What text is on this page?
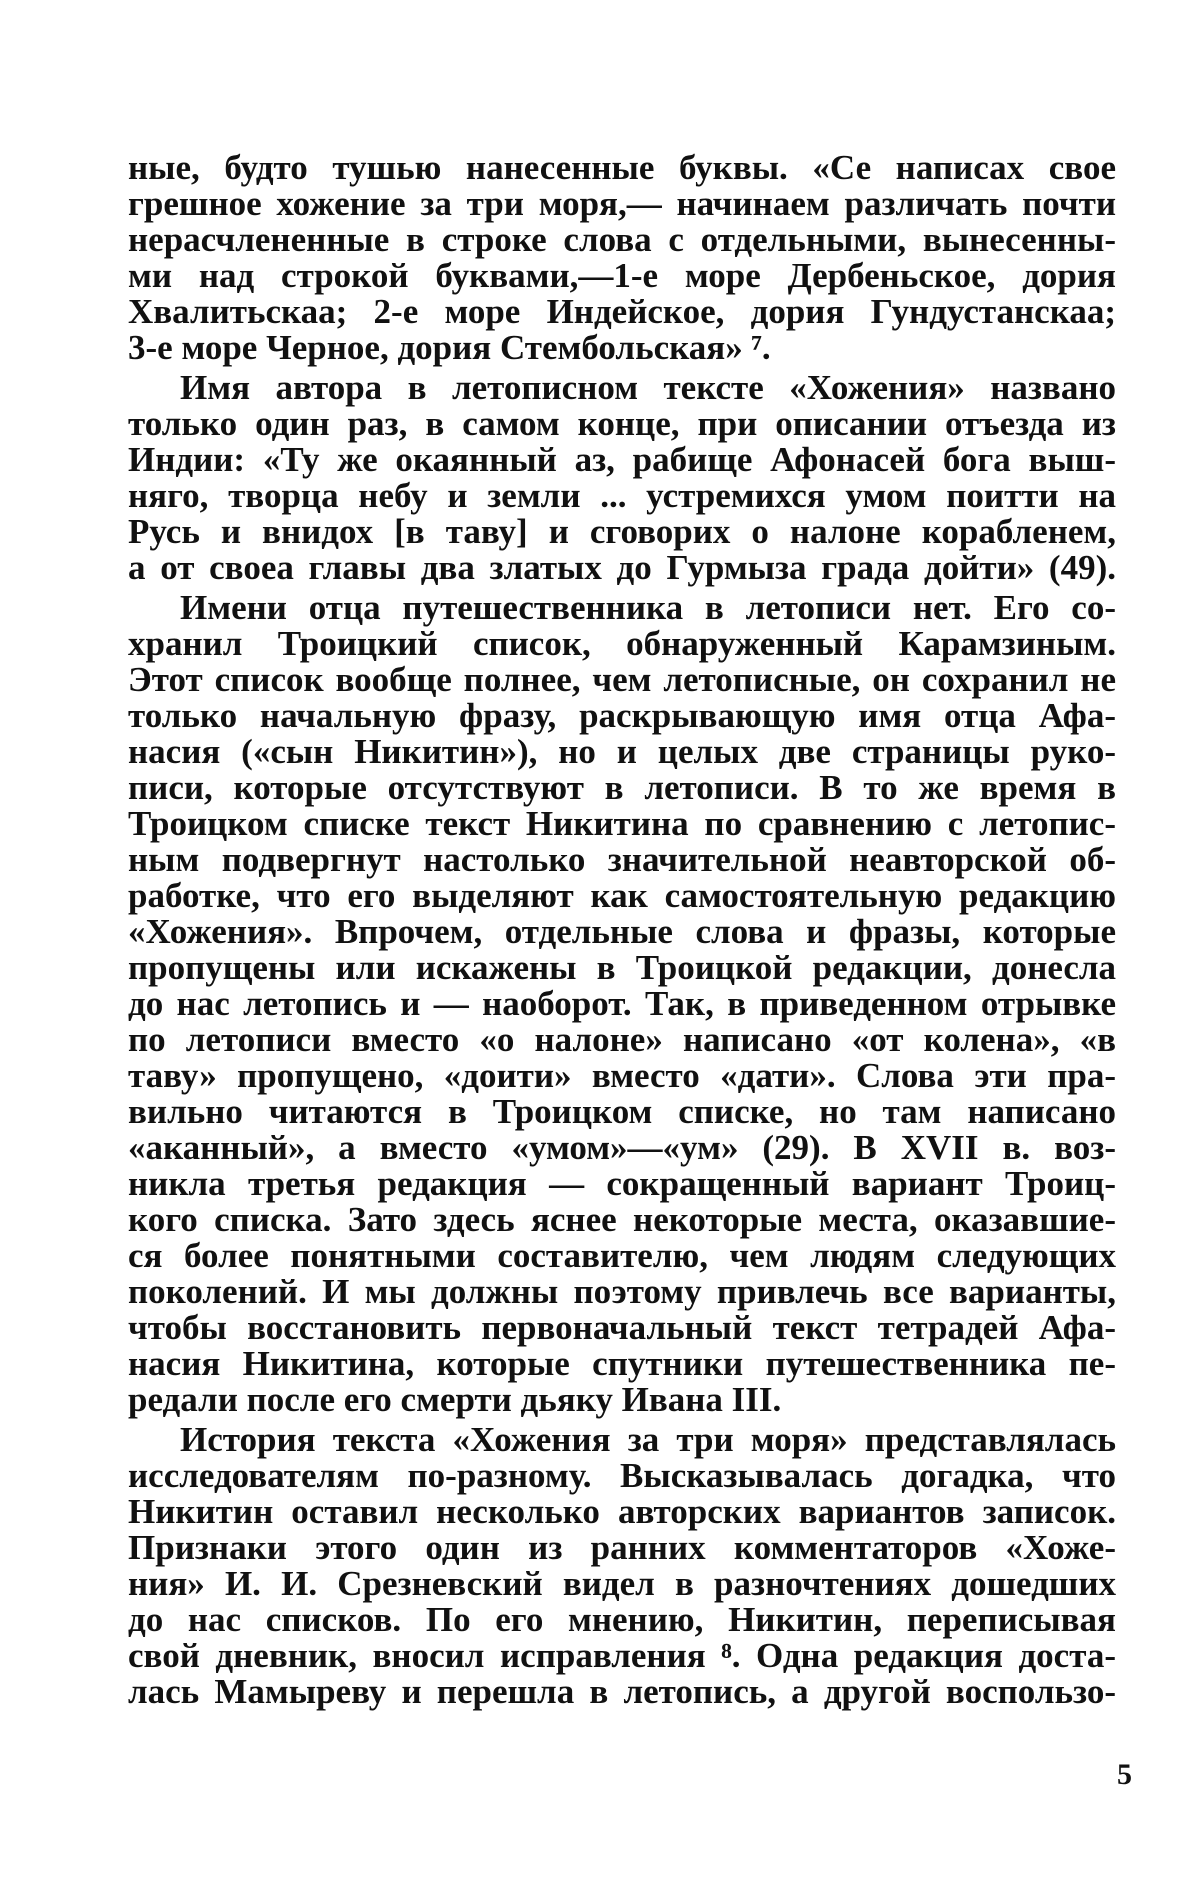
ные, будто тушью нанесенные буквы. «Се написах свое
грешное хожение за три моря,— начинаем различать почти
нерасчлененные в строке слова с отдельными, вынесенны-
ми над строкой буквами,—1-е море Дербеньское, дория
Хвалитьскаа; 2-е море Индейское, дория Гундустанскаа;
3-е море Черное, дория Стембольская» ⁷.
Имя автора в летописном тексте «Хожения» названо
только один раз, в самом конце, при описании отъезда из
Индии: «Ту же окаянный аз, рабище Афонасей бога выш-
няго, творца небу и земли ... устремихся умом поитти на
Русь и внидох [в таву] и сговорих о налоне корабленем,
а от своеа главы два златых до Гурмыза града дойти» (49).
Имени отца путешественника в летописи нет. Его со-
хранил Троицкий список, обнаруженный Карамзиным.
Этот список вообще полнее, чем летописные, он сохранил не
только начальную фразу, раскрывающую имя отца Афа-
насия («сын Никитин»), но и целых две страницы руко-
писи, которые отсутствуют в летописи. В то же время в
Троицком списке текст Никитина по сравнению с летопис-
ным подвергнут настолько значительной неавторской об-
работке, что его выделяют как самостоятельную редакцию
«Хожения». Впрочем, отдельные слова и фразы, которые
пропущены или искажены в Троицкой редакции, донесла
до нас летопись и — наоборот. Так, в приведенном отрывке
по летописи вместо «о налоне» написано «от колена», «в
таву» пропущено, «доити» вместо «дати». Слова эти пра-
вильно читаются в Троицком списке, но там написано
«аканный», а вместо «умом»—«ум» (29). В XVII в. воз-
никла третья редакция — сокращенный вариант Троиц-
кого списка. Зато здесь яснее некоторые места, оказавшие-
ся более понятными составителю, чем людям следующих
поколений. И мы должны поэтому привлечь все варианты,
чтобы восстановить первоначальный текст тетрадей Афа-
насия Никитина, которые спутники путешественника пе-
редали после его смерти дьяку Ивана III.
История текста «Хожения за три моря» представлялась
исследователям по-разному. Высказывалась догадка, что
Никитин оставил несколько авторских вариантов записок.
Признаки этого один из ранних комментаторов «Хоже-
ния» И. И. Срезневский видел в разночтениях дошедших
до нас списков. По его мнению, Никитин, переписывая
свой дневник, вносил исправления ⁸. Одна редакция доста-
лась Мамыреву и перешла в летопись, а другой воспользо-
5
